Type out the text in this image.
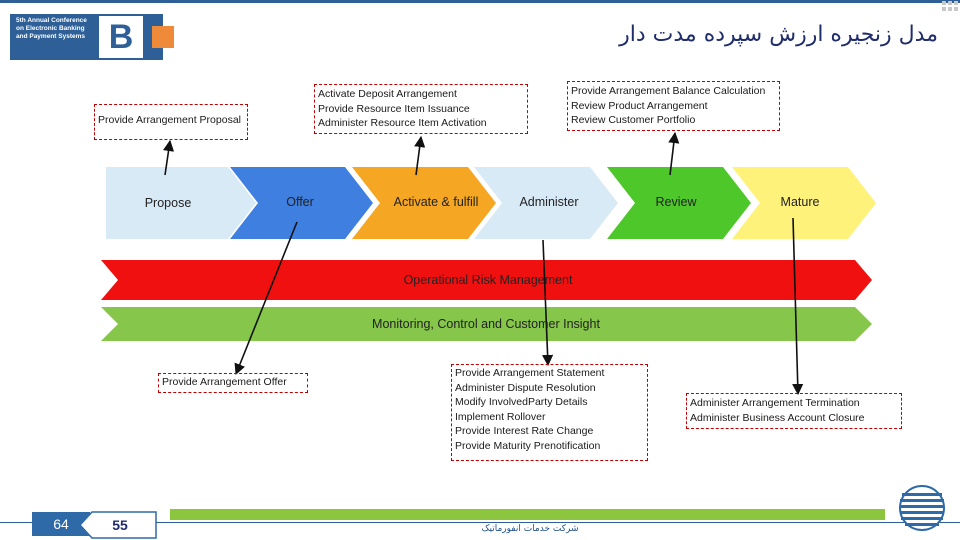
5th Annual Conference
on Electronic Banking
and Payment Systems B	مدل زنجیره ارزش سپرده مدت دار
Propose	Offer	Activate & fulfill	Administer	Review	Mature
Operational Risk Management
Monitoring, Control and Customer Insight
Provide Arrangement Proposal
Activate Deposit Arrangement
Provide Resource Item Issuance
Administer Resource Item Activation
Provide Arrangement Balance Calculation
Review Product Arrangement
Review Customer Portfolio
Provide Arrangement Offer
Provide Arrangement Statement
Administer Dispute Resolution
Modify InvolvedParty Details
Implement Rollover
Provide Interest Rate Change
Provide Maturity Prenotification
Administer Arrangement Termination
Administer Business Account Closure
64	55	شرکت خدمات انفورماتیک
